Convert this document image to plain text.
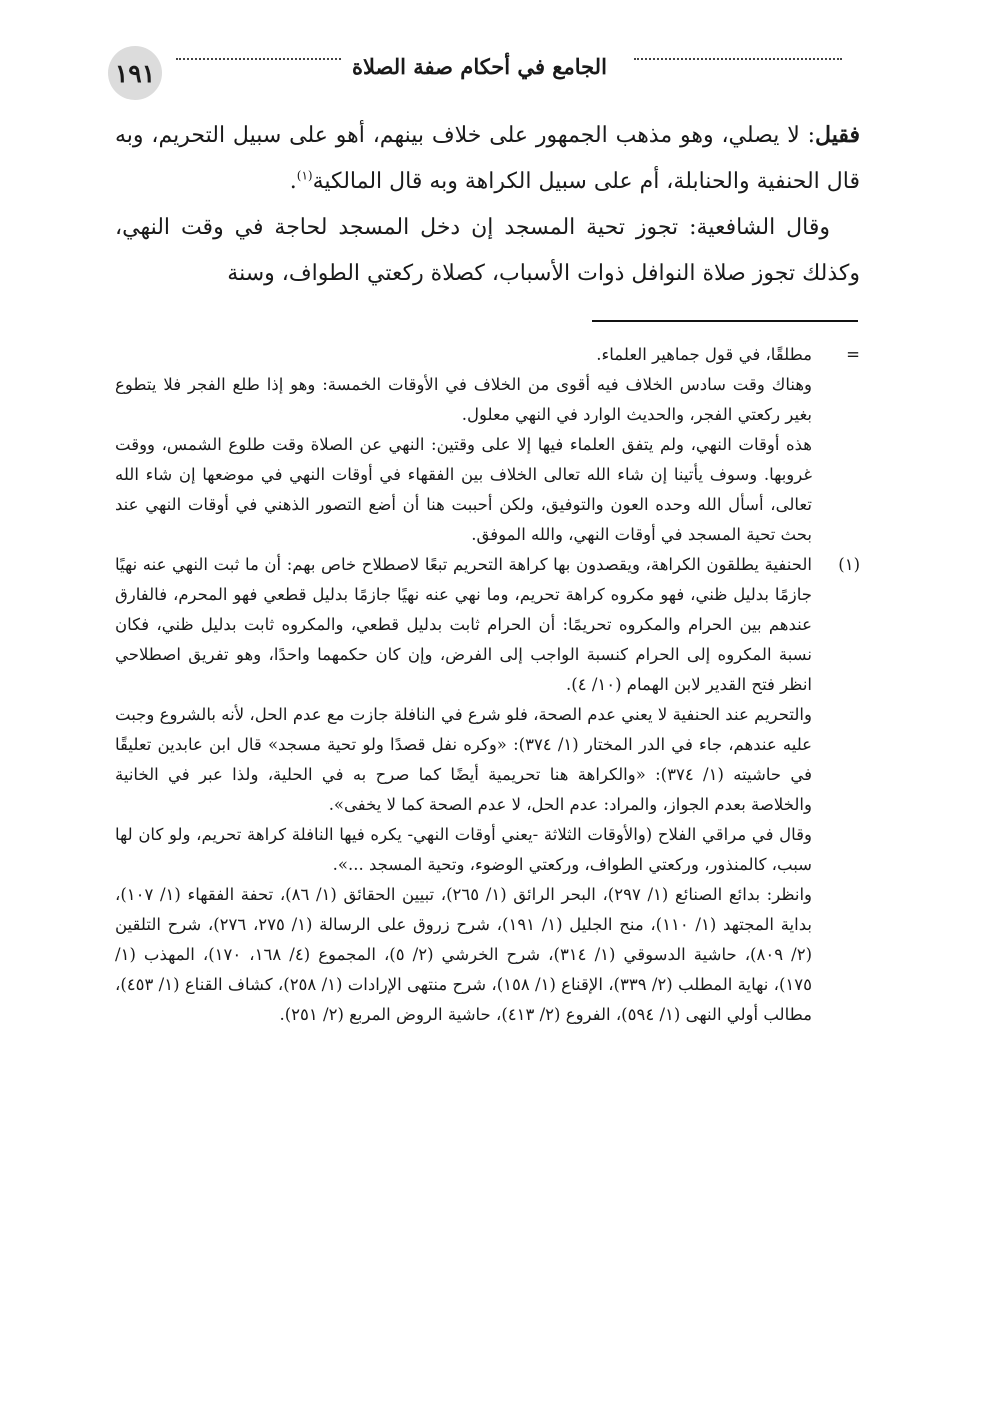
١٩١	الجامع في أحكام صفة الصلاة

فقيل: لا يصلي، وهو مذهب الجمهور على خلاف بينهم، أهو على سبيل التحريم، وبه قال الحنفية والحنابلة، أم على سبيل الكراهة وبه قال المالكية$^{(١)}$.

وقال الشافعية: تجوز تحية المسجد إن دخل المسجد لحاجة في وقت النهي، وكذلك تجوز صلاة النوافل ذوات الأسباب، كصلاة ركعتي الطواف، وسنة

=
مطلقًا، في قول جماهير العلماء.

وهناك وقت سادس الخلاف فيه أقوى من الخلاف في الأوقات الخمسة: وهو إذا طلع الفجر فلا يتطوع بغير ركعتي الفجر، والحديث الوارد في النهي معلول.

هذه أوقات النهي، ولم يتفق العلماء فيها إلا على وقتين: النهي عن الصلاة وقت طلوع الشمس، ووقت غروبها. وسوف يأتينا إن شاء الله تعالى الخلاف بين الفقهاء في أوقات النهي في موضعها إن شاء الله تعالى، أسأل الله وحده العون والتوفيق، ولكن أحببت هنا أن أضع التصور الذهني في أوقات النهي عند بحث تحية المسجد في أوقات النهي، والله الموفق.

(١)
الحنفية يطلقون الكراهة، ويقصدون بها كراهة التحريم تبعًا لاصطلاح خاص بهم: أن ما ثبت النهي عنه نهيًا جازمًا بدليل ظني، فهو مكروه كراهة تحريم، وما نهي عنه نهيًا جازمًا بدليل قطعي فهو المحرم، فالفارق عندهم بين الحرام والمكروه تحريمًا: أن الحرام ثابت بدليل قطعي، والمكروه ثابت بدليل ظني، فكان نسبة المكروه إلى الحرام كنسبة الواجب إلى الفرض، وإن كان حكمهما واحدًا، وهو تفريق اصطلاحي انظر فتح القدير لابن الهمام (١٠/ ٤).

والتحريم عند الحنفية لا يعني عدم الصحة، فلو شرع في النافلة جازت مع عدم الحل، لأنه بالشروع وجبت عليه عندهم، جاء في الدر المختار (١/ ٣٧٤): «وكره نفل قصدًا ولو تحية مسجد» قال ابن عابدين تعليقًا في حاشيته (١/ ٣٧٤): «والكراهة هنا تحريمية أيضًا كما صرح به في الحلية، ولذا عبر في الخانية والخلاصة بعدم الجواز، والمراد: عدم الحل، لا عدم الصحة كما لا يخفى».

وقال في مراقي الفلاح (والأوقات الثلاثة -يعني أوقات النهي- يكره فيها النافلة كراهة تحريم، ولو كان لها سبب، كالمنذور، وركعتي الطواف، وركعتي الوضوء، وتحية المسجد ...».

وانظر: بدائع الصنائع (١/ ٢٩٧)، البحر الرائق (١/ ٢٦٥)، تبيين الحقائق (١/ ٨٦)، تحفة الفقهاء (١/ ١٠٧)، بداية المجتهد (١/ ١١٠)، منح الجليل (١/ ١٩١)، شرح زروق على الرسالة (١/ ٢٧٥، ٢٧٦)، شرح التلقين (٢/ ٨٠٩)، حاشية الدسوقي (١/ ٣١٤)، شرح الخرشي (٢/ ٥)، المجموع (٤/ ١٦٨، ١٧٠)، المهذب (١/ ١٧٥)، نهاية المطلب (٢/ ٣٣٩)، الإقناع (١/ ١٥٨)، شرح منتهى الإرادات (١/ ٢٥٨)، كشاف القناع (١/ ٤٥٣)، مطالب أولي النهى (١/ ٥٩٤)، الفروع (٢/ ٤١٣)، حاشية الروض المربع (٢/ ٢٥١).
